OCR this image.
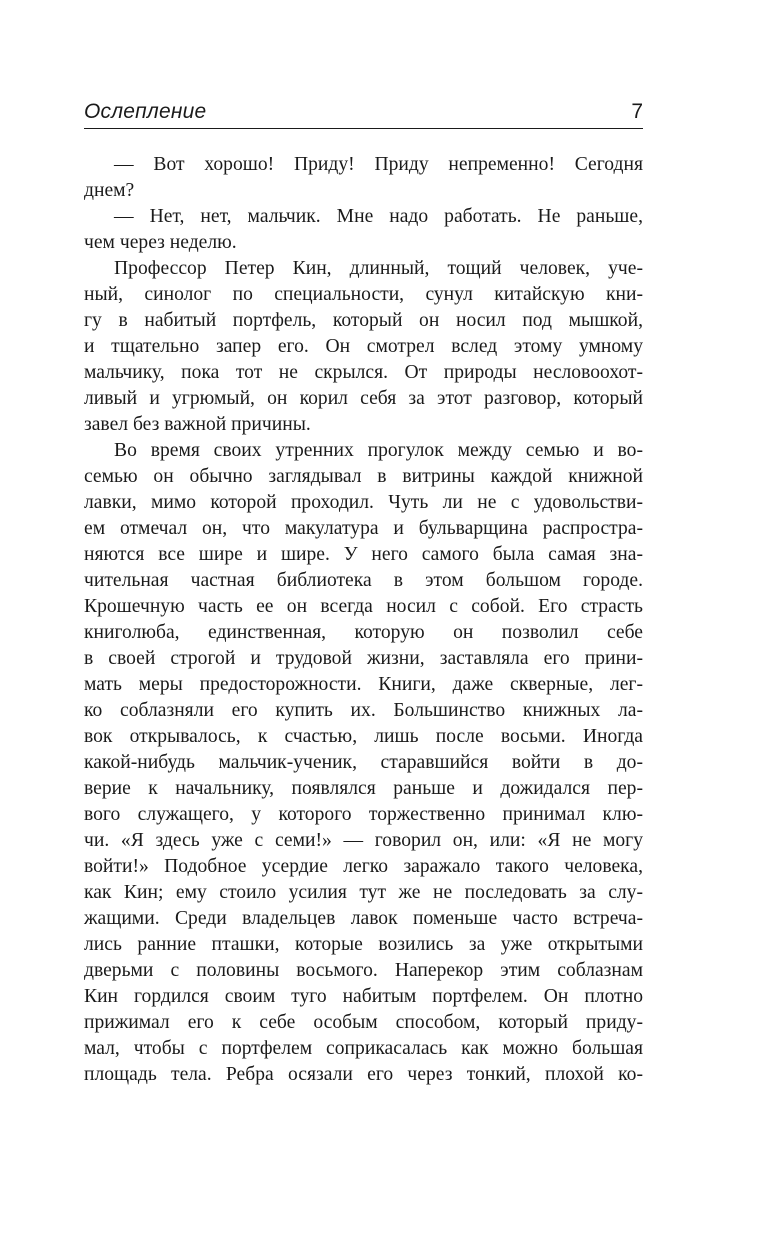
Ослепление	7

— Вот хорошо! Приду! Приду непременно! Сегодня
днем?

— Нет, нет, мальчик. Мне надо работать. Не раньше,
чем через неделю.

Профессор Петер Кин, длинный, тощий человек, уче-
ный, синолог по специальности, сунул китайскую кни-
гу в набитый портфель, который он носил под мышкой,
и тщательно запер его. Он смотрел вслед этому умному
мальчику, пока тот не скрылся. От природы несловоохот-
ливый и угрюмый, он корил себя за этот разговор, который
завел без важной причины.

Во время своих утренних прогулок между семью и во-
семью он обычно заглядывал в витрины каждой книжной
лавки, мимо которой проходил. Чуть ли не с удовольстви-
ем отмечал он, что макулатура и бульварщина распростра-
няются все шире и шире. У него самого была самая зна-
чительная частная библиотека в этом большом городе.
Крошечную часть ее он всегда носил с собой. Его страсть
книголюба, единственная, которую он позволил себе
в своей строгой и трудовой жизни, заставляла его прини-
мать меры предосторожности. Книги, даже скверные, лег-
ко соблазняли его купить их. Большинство книжных ла-
вок открывалось, к счастью, лишь после восьми. Иногда
какой-нибудь мальчик-ученик, старавшийся войти в до-
верие к начальнику, появлялся раньше и дожидался пер-
вого служащего, у которого торжественно принимал клю-
чи. «Я здесь уже с семи!» — говорил он, или: «Я не могу
войти!» Подобное усердие легко заражало такого человека,
как Кин; ему стоило усилия тут же не последовать за слу-
жащими. Среди владельцев лавок поменьше часто встреча-
лись ранние пташки, которые возились за уже открытыми
дверьми с половины восьмого. Наперекор этим соблазнам
Кин гордился своим туго набитым портфелем. Он плотно
прижимал его к себе особым способом, который приду-
мал, чтобы с портфелем соприкасалась как можно большая
площадь тела. Ребра осязали его через тонкий, плохой ко-
